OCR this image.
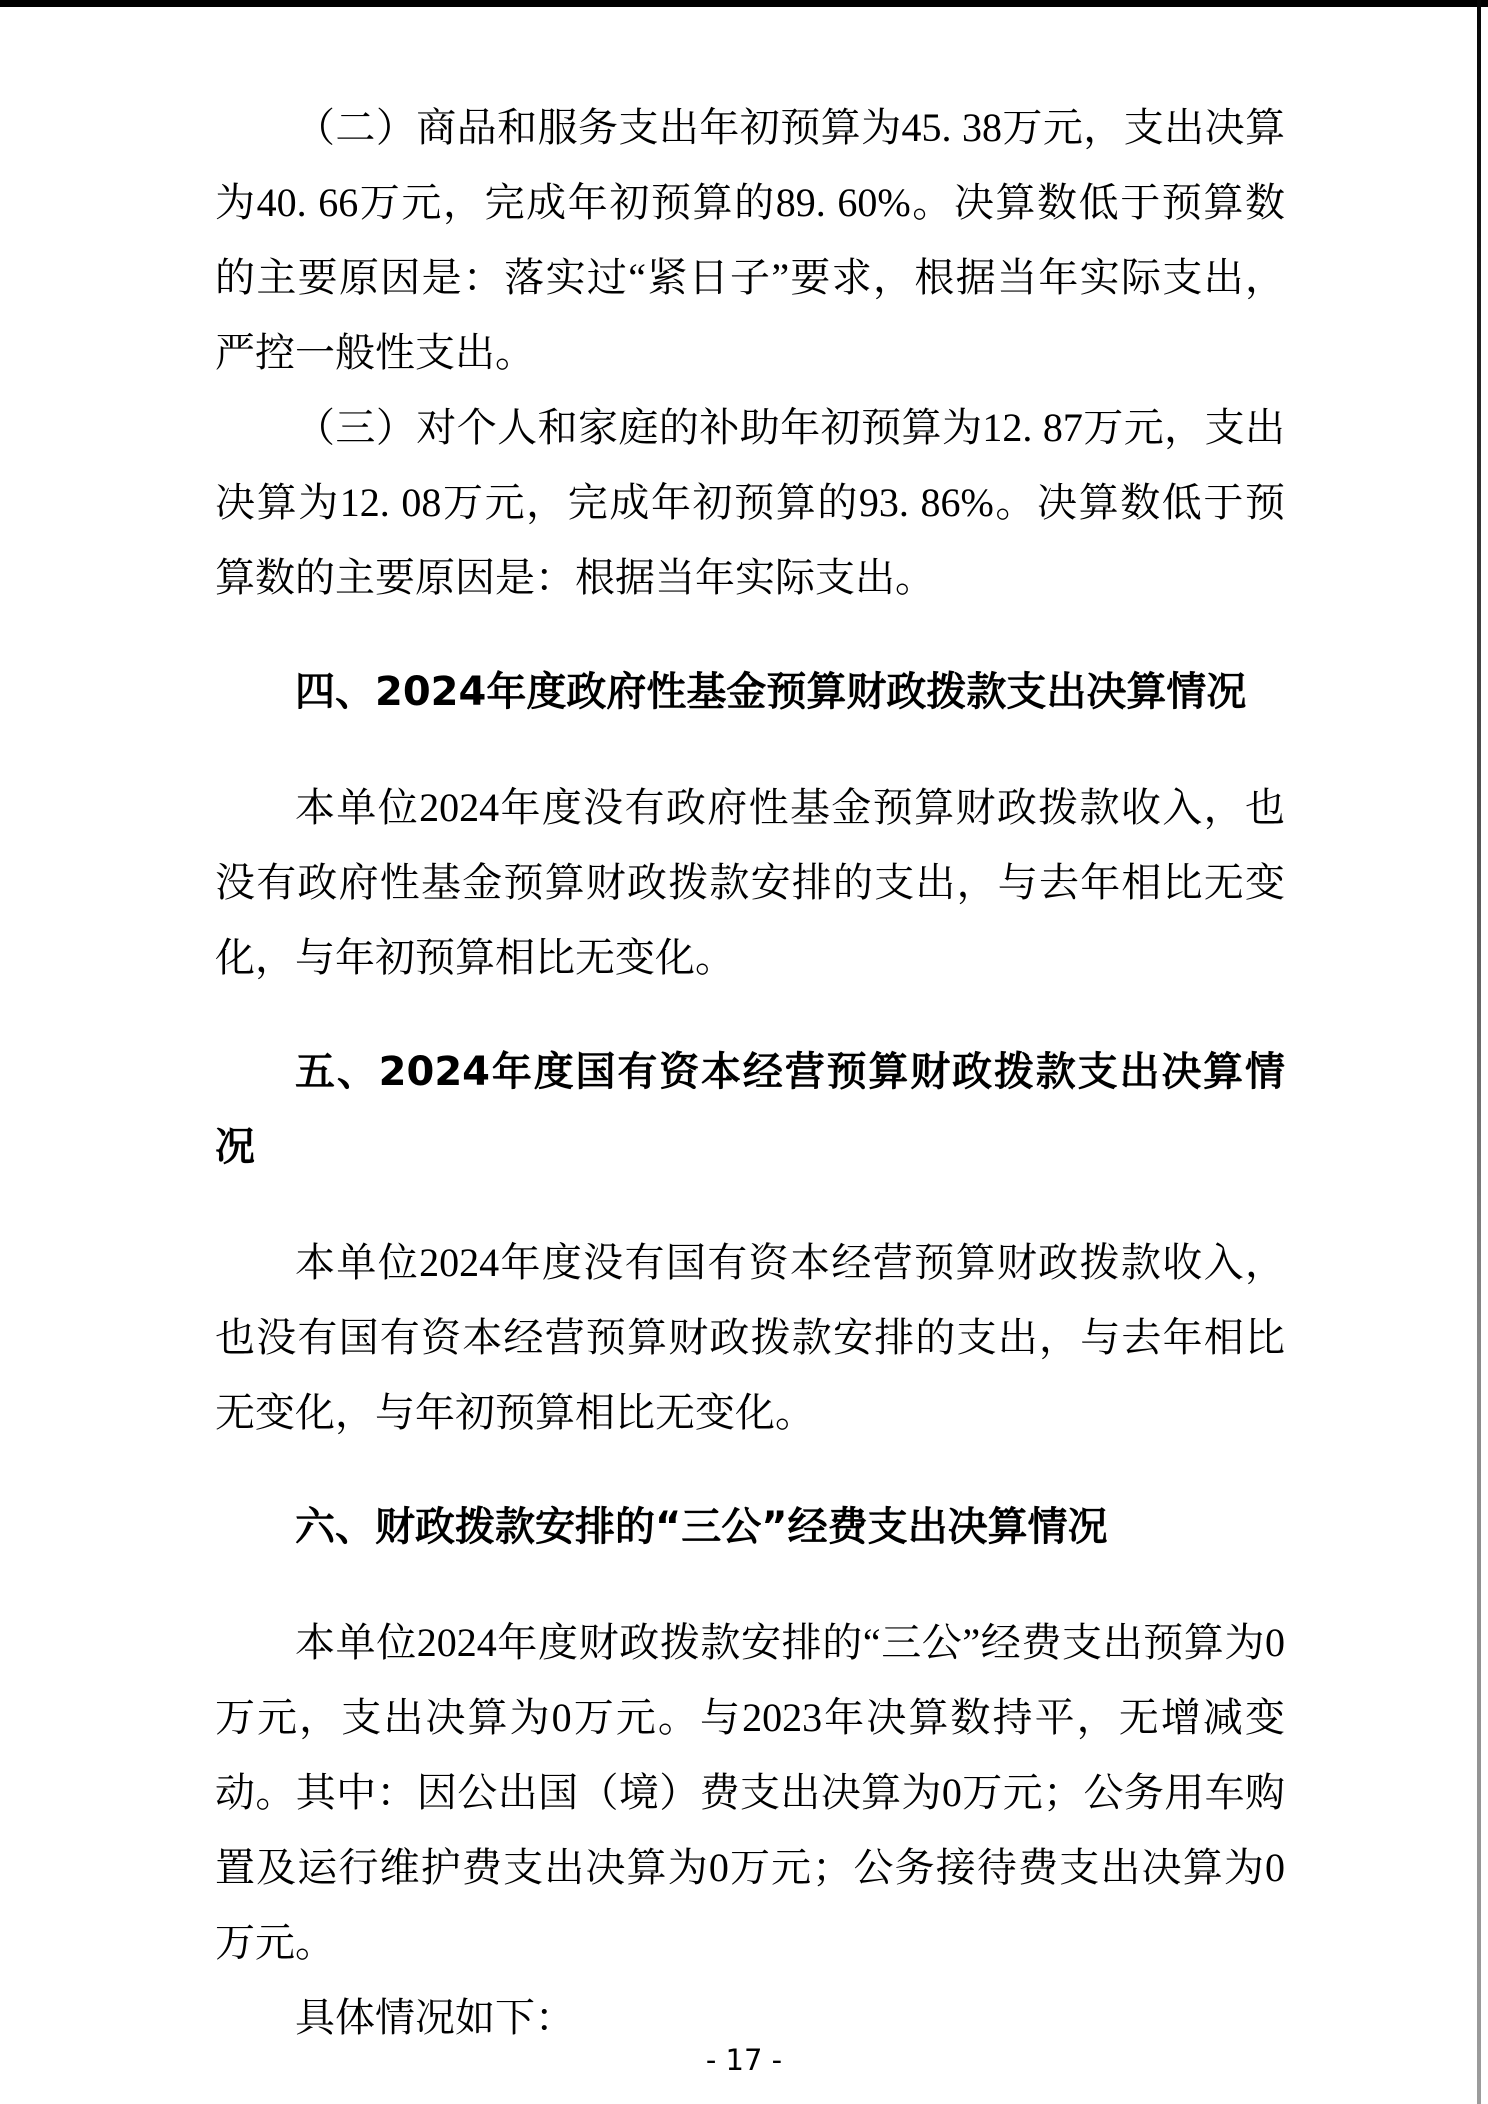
（二）商品和服务支出年初预算为45. 38万元，支出决算为40. 66万元，完成年初预算的89. 60%。决算数低于预算数的主要原因是：落实过“紧日子”要求，根据当年实际支出，严控一般性支出。

（三）对个人和家庭的补助年初预算为12. 87万元，支出决算为12. 08万元，完成年初预算的93. 86%。决算数低于预算数的主要原因是：根据当年实际支出。

四、2024年度政府性基金预算财政拨款支出决算情况

本单位2024年度没有政府性基金预算财政拨款收入，也没有政府性基金预算财政拨款安排的支出，与去年相比无变化，与年初预算相比无变化。

五、2024年度国有资本经营预算财政拨款支出决算情况

本单位2024年度没有国有资本经营预算财政拨款收入，也没有国有资本经营预算财政拨款安排的支出，与去年相比无变化，与年初预算相比无变化。

六、财政拨款安排的“三公”经费支出决算情况

本单位2024年度财政拨款安排的“三公”经费支出预算为0万元，支出决算为0万元。与2023年决算数持平，无增减变动。其中：因公出国（境）费支出决算为0万元；公务用车购置及运行维护费支出决算为0万元；公务接待费支出决算为0万元。

具体情况如下：

- 17 -
